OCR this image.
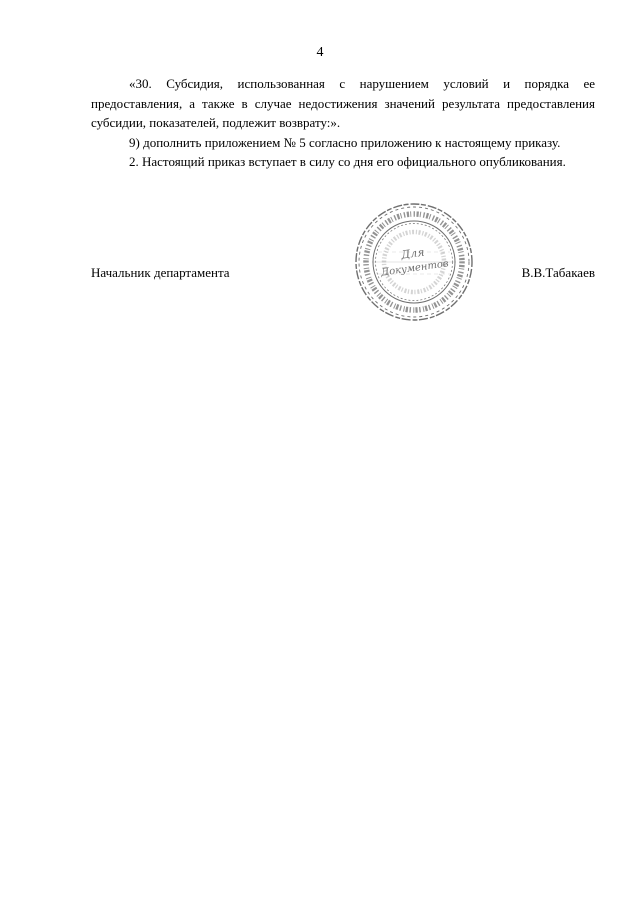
4

«30. Субсидия, использованная с нарушением условий и порядка ее предоставления, а также в случае недостижения значений результата предоставления субсидии, показателей, подлежит возврату:».

9) дополнить приложением № 5 согласно приложению к настоящему приказу.

2. Настоящий приказ вступает в силу со дня его официального опубликования.

Начальник департамента
Для
Документов	В.В.Табакаев
